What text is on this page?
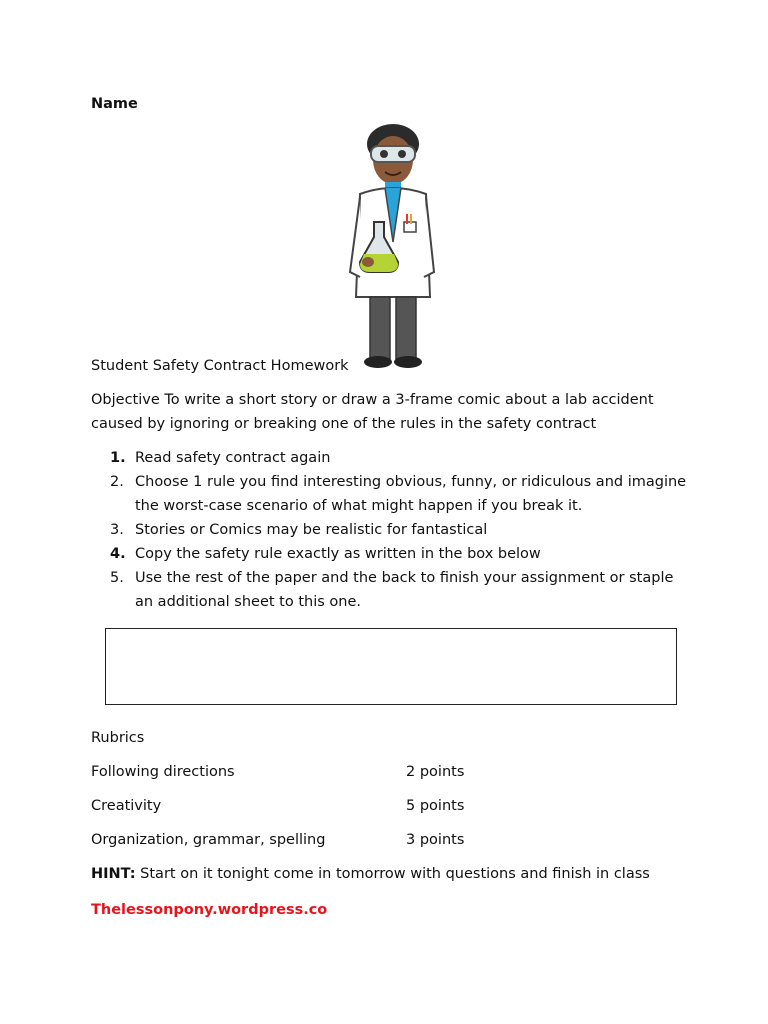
Name
Student Safety Contract Homework
Objective To write a short story or draw a 3-frame comic about a lab accident
caused by ignoring or breaking one of the rules in the safety contract
1. Read safety contract again
2. Choose 1 rule you find interesting obvious, funny, or ridiculous and imagine
the worst-case scenario of what might happen if you break it.
3. Stories or Comics may be realistic for fantastical
4. Copy the safety rule exactly as written in the box below
5. Use the rest of the paper and the back to finish your assignment or staple
an additional sheet to this one.
Rubrics
Following directions	2 points
Creativity	5 points
Organization, grammar, spelling	3 points
HINT: Start on it tonight come in tomorrow with questions and finish in class
Thelessonpony.wordpress.co
